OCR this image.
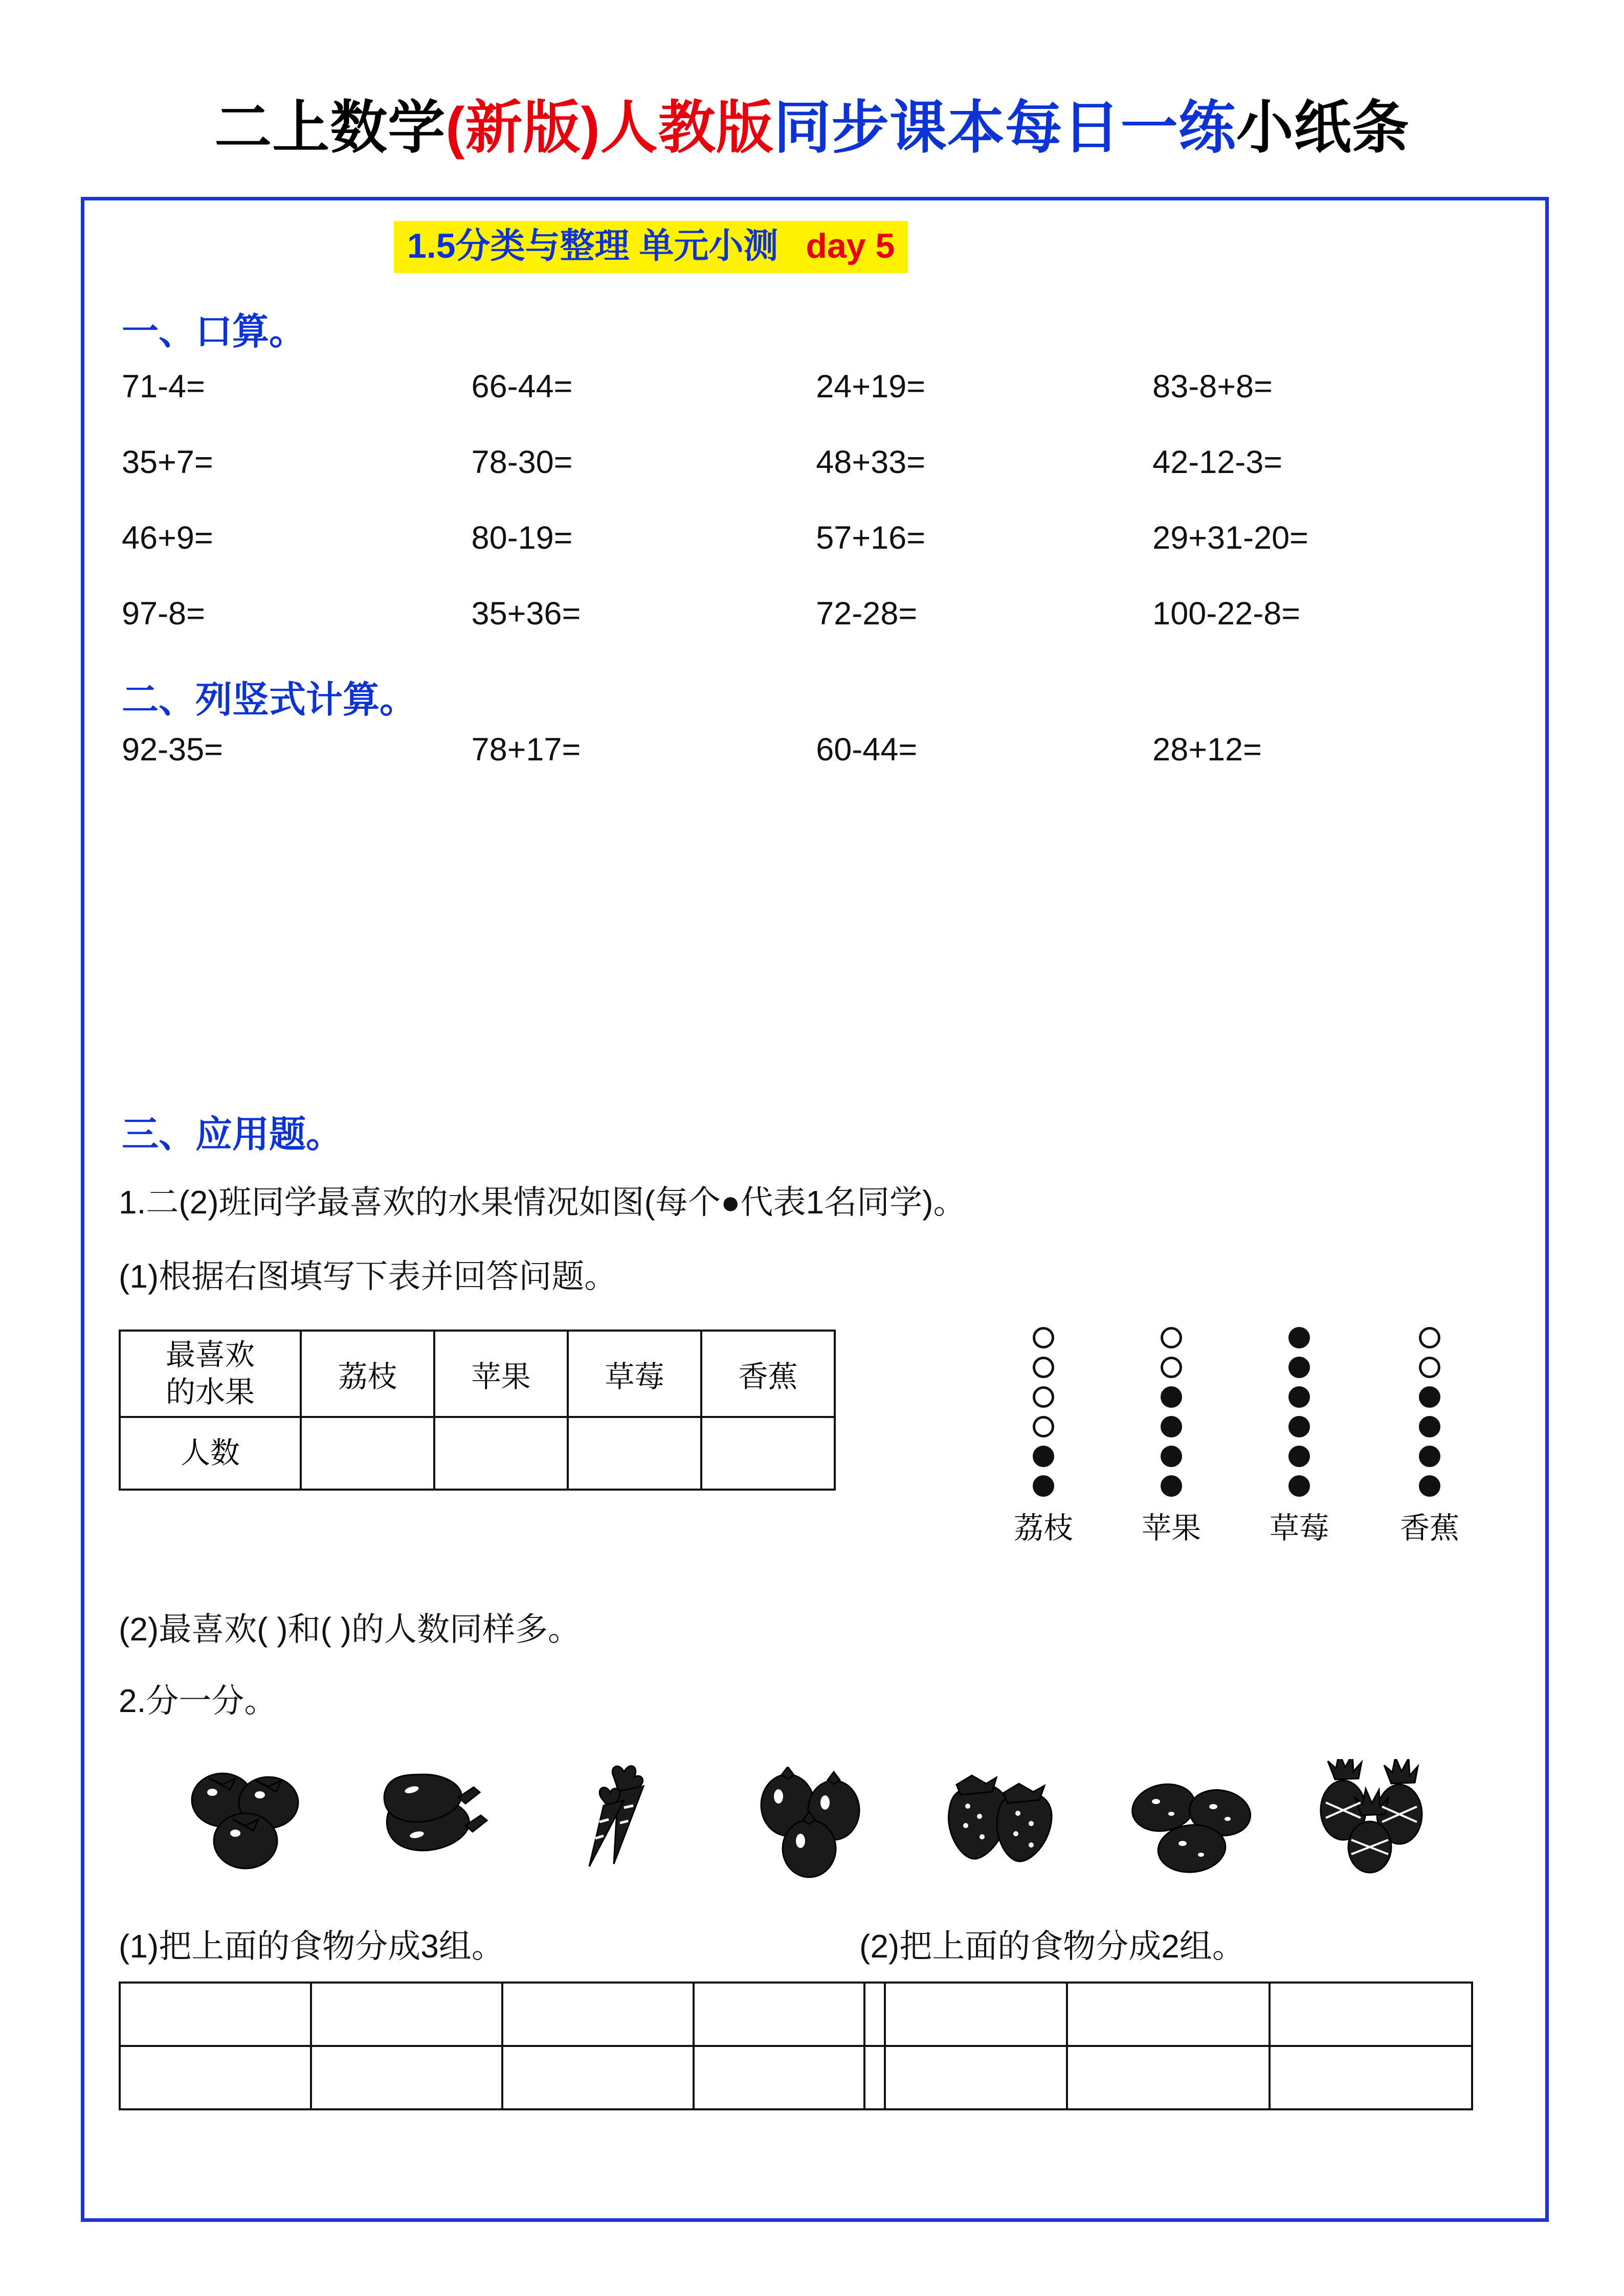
二上数学(新版)人教版同步课本每日一练小纸条
1.5分类与整理 单元小测 day 5
一、口算。
71-4=	66-44=	24+19=	83-8+8=
35+7=	78-30=	48+33=	42-12-3=
46+9=	80-19=	57+16=	29+31-20=
97-8=	35+36=	72-28=	100-22-8=
二、列竖式计算。
92-35=	78+17=	60-44=	28+12=
三、应用题。
1.二(2)班同学最喜欢的水果情况如图(每个●代表1名同学)。
(1)根据右图填写下表并回答问题。
最喜欢
的水果	荔枝	苹果	草莓	香蕉
人数				
荔枝 苹果 草莓 香蕉
(2)最喜欢( )和( )的人数同样多。
2.分一分。
(1)把上面的食物分成3组。	(2)把上面的食物分成2组。
